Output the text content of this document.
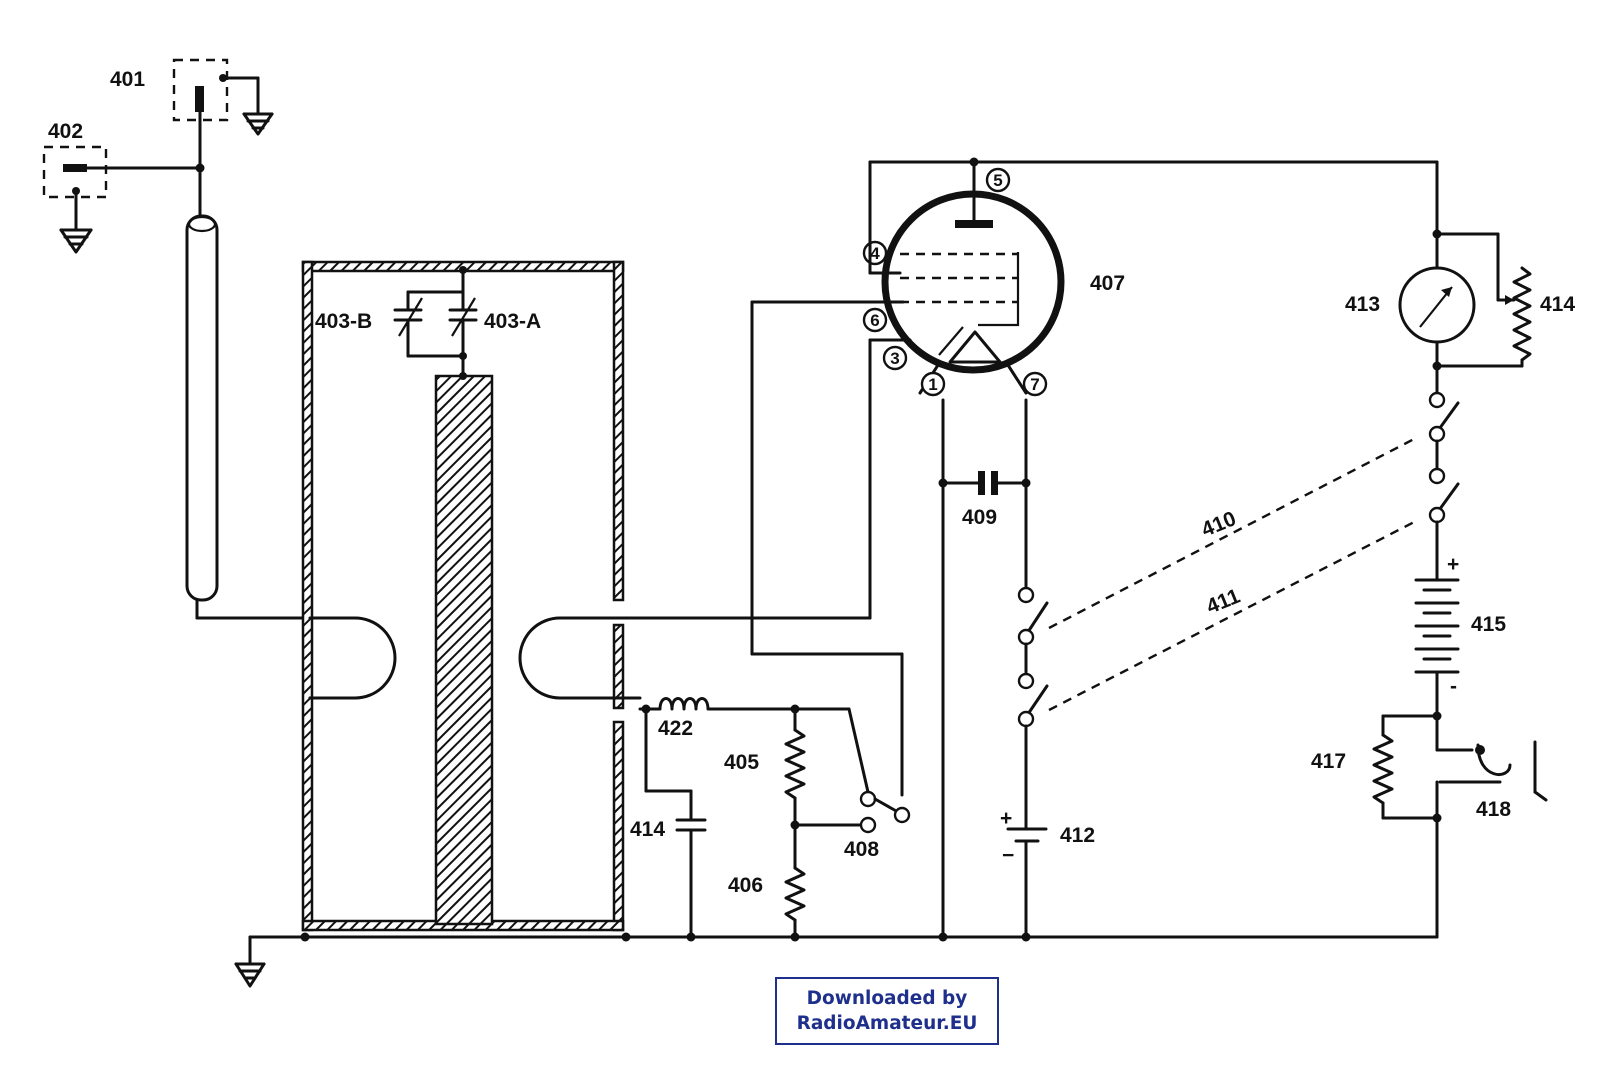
5
4
6
3
1	7
+
−
+
-
401
402
403-B	403-A
407
409	410
411
413	414
415
417
418
422
405
414
408
406
412
Downloaded by
RadioAmateur.EU
